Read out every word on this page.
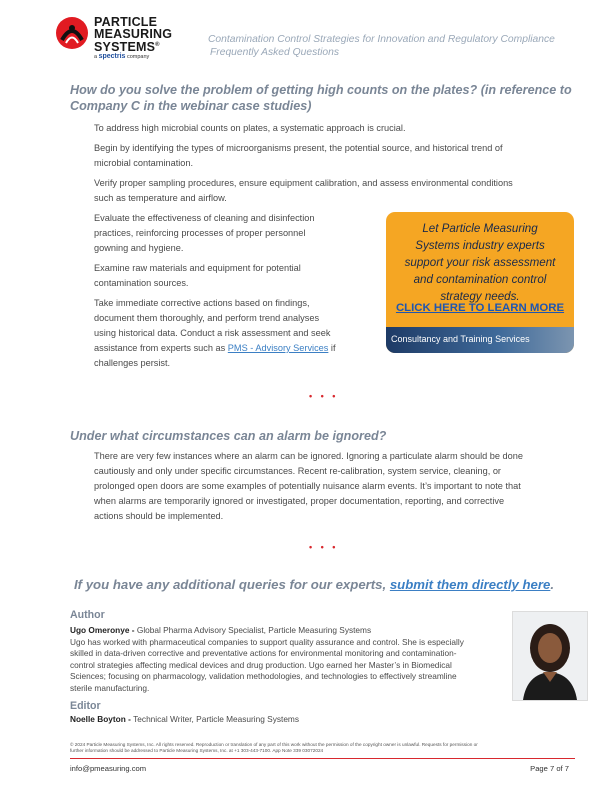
PARTICLE
MEASURING
SYSTEMS®
a spectris company
Contamination Control Strategies for Innovation and Regulatory Compliance
Frequently Asked Questions
How do you solve the problem of getting high counts on the plates? (in reference to
Company C in the webinar case studies)
To address high microbial counts on plates, a systematic approach is crucial.
Begin by identifying the types of microorganisms present, the potential source, and historical trend of
microbial contamination.
Verify proper sampling procedures, ensure equipment calibration, and assess environmental conditions
such as temperature and airflow.
Evaluate the effectiveness of cleaning and disinfection
practices, reinforcing processes of proper personnel
gowning and hygiene.
Examine raw materials and equipment for potential
contamination sources.
Take immediate corrective actions based on findings,
document them thoroughly, and perform trend analyses
using historical data. Conduct a risk assessment and seek
assistance from experts such as PMS - Advisory Services if
challenges persist.
Let Particle Measuring
Systems industry experts
support your risk assessment
and contamination control
strategy needs.
CLICK HERE TO LEARN MORE
Consultancy and Training Services
• • •
Under what circumstances can an alarm be ignored?
There are very few instances where an alarm can be ignored. Ignoring a particulate alarm should be done
cautiously and only under specific circumstances. Recent re-calibration, system service, cleaning, or
prolonged open doors are some examples of potentially nuisance alarm events. It’s important to note that
when alarms are temporarily ignored or investigated, proper documentation, reporting, and corrective
actions should be implemented.
• • •
If you have any additional queries for our experts, submit them directly here.
Author
Ugo Omeronye - Global Pharma Advisory Specialist, Particle Measuring Systems
Ugo has worked with pharmaceutical companies to support quality assurance and control. She is especially
skilled in data-driven corrective and preventative actions for environmental monitoring and contamination-
control strategies affecting medical devices and drug production. Ugo earned her Master’s in Biomedical
Sciences; focusing on pharmacology, validation methodologies, and technologies to effectively streamline
sterile manufacturing.
Editor
Noelle Boyton - Technical Writer, Particle Measuring Systems
© 2024 Particle Measuring Systems, Inc. All rights reserved. Reproduction or translation of any part of this work without the permission of the copyright owner is unlawful. Requests for permission or
further information should be addressed to Particle Measuring Systems, Inc. at +1 303-443-7100. App Note 339 03072024
info@pmeasuring.com	Page 7 of 7
